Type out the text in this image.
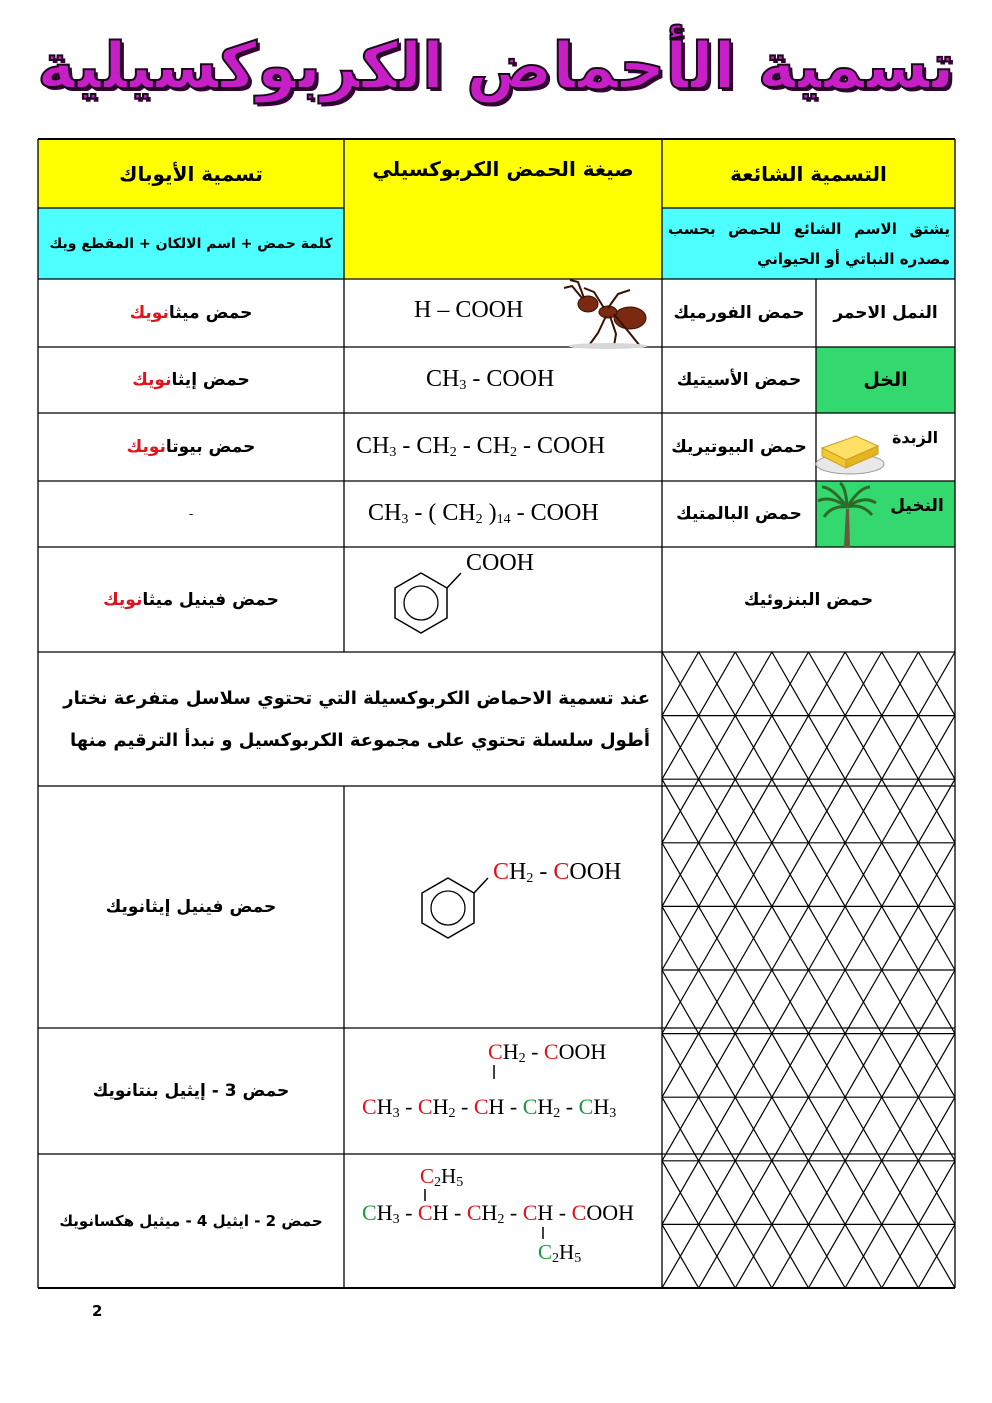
تسمية الأحماض الكربوكسيلية
التسمية الشائعة
صيغة الحمض الكربوكسيلي
تسمية الأيوباك
يشتق الاسم الشائع للحمض بحسب مصدره النباتي أو الحيواني
كلمة حمض + اسم الالكان + المقطع ويك
النمل الاحمر
حمض الفورميك
H – COOH
حمض ميثا
نويك
الخل
حمض الأسيتيك
$CH_3$ - COOH
حمض إيثا
نويك
الزبدة
حمض البيوتيريك
$CH_3 - CH_2 - CH_2$ - COOH
حمض بيوتا
نويك
النخيل
حمض البالمتيك
$CH_3$ - ( $CH_2$ )$_{14}$ - COOH
-
حمض البنزوئيك
COOH
حمض فينيل ميثا
نويك
عند تسمية الاحماض الكربوكسيلة التي تحتوي سلاسل متفرعة نختار أطول سلسلة تحتوي على مجموعة الكربوكسيل و نبدأ الترقيم منها
$CH_2$ - COOH
حمض فينيل إيثانويك
$CH_2$ - COOH
$CH_3 - CH_2$ - CH - $CH_2 - CH_3$
حمض 3 - إيثيل بنتانويك
$C_2H_5$
$CH_3$ - CH - $CH_2$ - CH - COOH
$C_2H_5$
حمض 2 - ايثيل 4 - ميثيل هكسانويك
2
